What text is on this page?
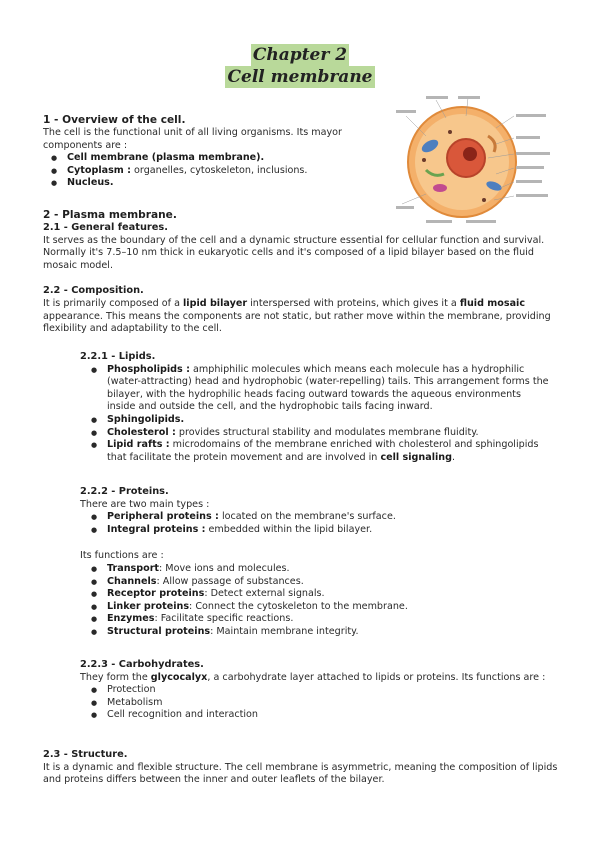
Chapter 2
Cell membrane
1 - Overview of the cell.

The cell is the functional unit of all living organisms. Its mayor components are :

● Cell membrane (plasma membrane).
● Cytoplasm : organelles, cytoskeleton, inclusions.
● Nucleus.
2 - Plasma membrane.
2.1 - General features.

It serves as the boundary of the cell and a dynamic structure essential for cellular function and survival. Normally it's 7.5–10 nm thick in eukaryotic cells and it's composed of a lipid bilayer based on the fluid mosaic model.

2.2 - Composition.

It is primarily composed of a lipid bilayer interspersed with proteins, which gives it a fluid mosaic appearance. This means the components are not static, but rather move within the membrane, providing flexibility and adaptability to the cell.

2.2.1 - Lipids.
● Phospholipids : amphiphilic molecules which means each molecule has a hydrophilic (water-attracting) head and hydrophobic (water-repelling) tails. This arrangement forms the bilayer, with the hydrophilic heads facing outward towards the aqueous environments inside and outside the cell, and the hydrophobic tails facing inward.
● Sphingolipids.
● Cholesterol : provides structural stability and modulates membrane fluidity.
● Lipid rafts : microdomains of the membrane enriched with cholesterol and sphingolipids that facilitate the protein movement and are involved in cell signaling.
2.2.2 - Proteins.

There are two main types :

● Peripheral proteins : located on the membrane's surface.
● Integral proteins : embedded within the lipid bilayer.

Its functions are :

● Transport: Move ions and molecules.
● Channels: Allow passage of substances.
● Receptor proteins: Detect external signals.
● Linker proteins: Connect the cytoskeleton to the membrane.
● Enzymes: Facilitate specific reactions.
● Structural proteins: Maintain membrane integrity.
2.2.3 - Carbohydrates.

They form the glycocalyx, a carbohydrate layer attached to lipids or proteins. Its functions are :

● Protection
● Metabolism
● Cell recognition and interaction
2.3 - Structure.

It is a dynamic and flexible structure. The cell membrane is asymmetric, meaning the composition of lipids and proteins differs between the inner and outer leaflets of the bilayer.
